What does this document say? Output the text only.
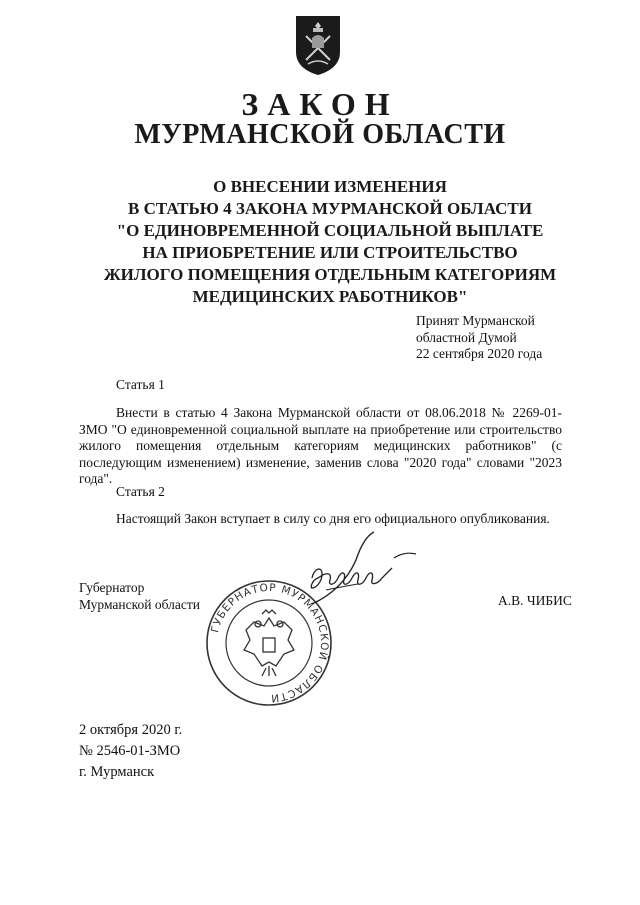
ЗАКОН
МУРМАНСКОЙ ОБЛАСТИ
О ВНЕСЕНИИ ИЗМЕНЕНИЯ
В СТАТЬЮ 4 ЗАКОНА МУРМАНСКОЙ ОБЛАСТИ
"О ЕДИНОВРЕМЕННОЙ СОЦИАЛЬНОЙ ВЫПЛАТЕ
НА ПРИОБРЕТЕНИЕ ИЛИ СТРОИТЕЛЬСТВО
ЖИЛОГО ПОМЕЩЕНИЯ ОТДЕЛЬНЫМ КАТЕГОРИЯМ
МЕДИЦИНСКИХ РАБОТНИКОВ"
Принят Мурманской
областной Думой
22 сентября 2020 года
Статья 1
Внести в статью 4 Закона Мурманской области от 08.06.2018 № 2269-01-ЗМО "О единовременной социальной выплате на приобретение или строительство жилого помещения отдельным категориям медицинских работников" (с последующим изменением) изменение, заменив слова "2020 года" словами "2023 года".
Статья 2
Настоящий Закон вступает в силу со дня его официального опубликования.
ГУБЕРНАТОР МУРМАНСКОЙ ОБЛАСТИ
Губернатор
Мурманской области	А.В. ЧИБИС
2 октября 2020 г.
№ 2546-01-ЗМО
г. Мурманск
